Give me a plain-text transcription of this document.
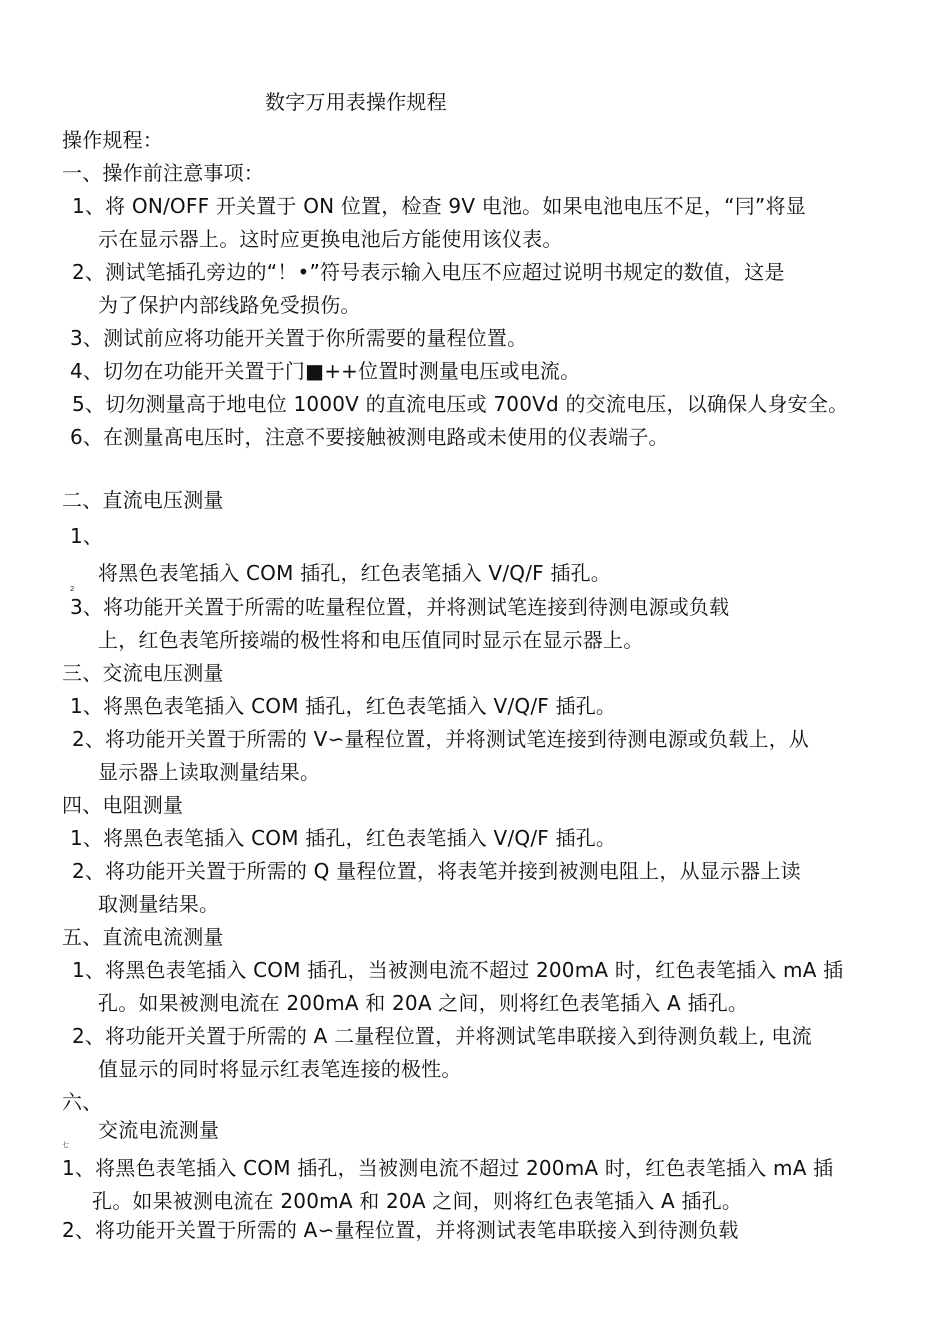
数字万用表操作规程
操作规程：
一、操作前注意事项：
1、将 ON/OFF 开关置于 ON 位置，检查 9V 电池。如果电池电压不足，“冃”将显
示在显示器上。这时应更换电池后方能使用该仪表。
2、测试笔插孔旁边的“！•”符号表示输入电压不应超过说明书规定的数值，这是
为了保护内部线路免受损伤。
3、测试前应将功能开关置于你所需要的量程位置。
4、切勿在功能开关置于门■++位置时测量电压或电流。
5、切勿测量高于地电位 1000V 的直流电压或 700Vd 的交流电压，以确保人身安全。
6、在测量髙电压时，注意不要接触被测电路或未使用的仪表端子。
二、直流电压测量
1、
将黑色表笔插入 COM 插孔，红色表笔插入 V/Q/F 插孔。
2
3、将功能开关置于所需的咗量程位置，并将测试笔连接到待测电源或负载
上，红色表笔所接端的极性将和电压值同时显示在显示器上。
三、交流电压测量
1、将黑色表笔插入 COM 插孔，红色表笔插入 V/Q/F 插孔。
2、将功能开关置于所需的 V∽量程位置，并将测试笔连接到待测电源或负载上，从
显示器上读取测量结果。
四、电阻测量
1、将黑色表笔插入 COM 插孔，红色表笔插入 V/Q/F 插孔。
2、将功能开关置于所需的 Q 量程位置，将表笔并接到被测电阻上，从显示器上读
取测量结果。
五、直流电流测量
1、将黑色表笔插入 COM 插孔，当被测电流不超过 200mA 时，红色表笔插入 mA 插
孔。如果被测电流在 200mA 和 20A 之间，则将红色表笔插入 A 插孔。
2、将功能开关置于所需的 A 二量程位置，并将测试笔串联接入到待测负载上, 电流
值显示的同时将显示红表笔连接的极性。
六、
交流电流测量
七
1、将黑色表笔插入 COM 插孔，当被测电流不超过 200mA 时，红色表笔插入 mA 插
孔。如果被测电流在 200mA 和 20A 之间，则将红色表笔插入 A 插孔。
2、将功能开关置于所需的 A∽量程位置，并将测试表笔串联接入到待测负载
